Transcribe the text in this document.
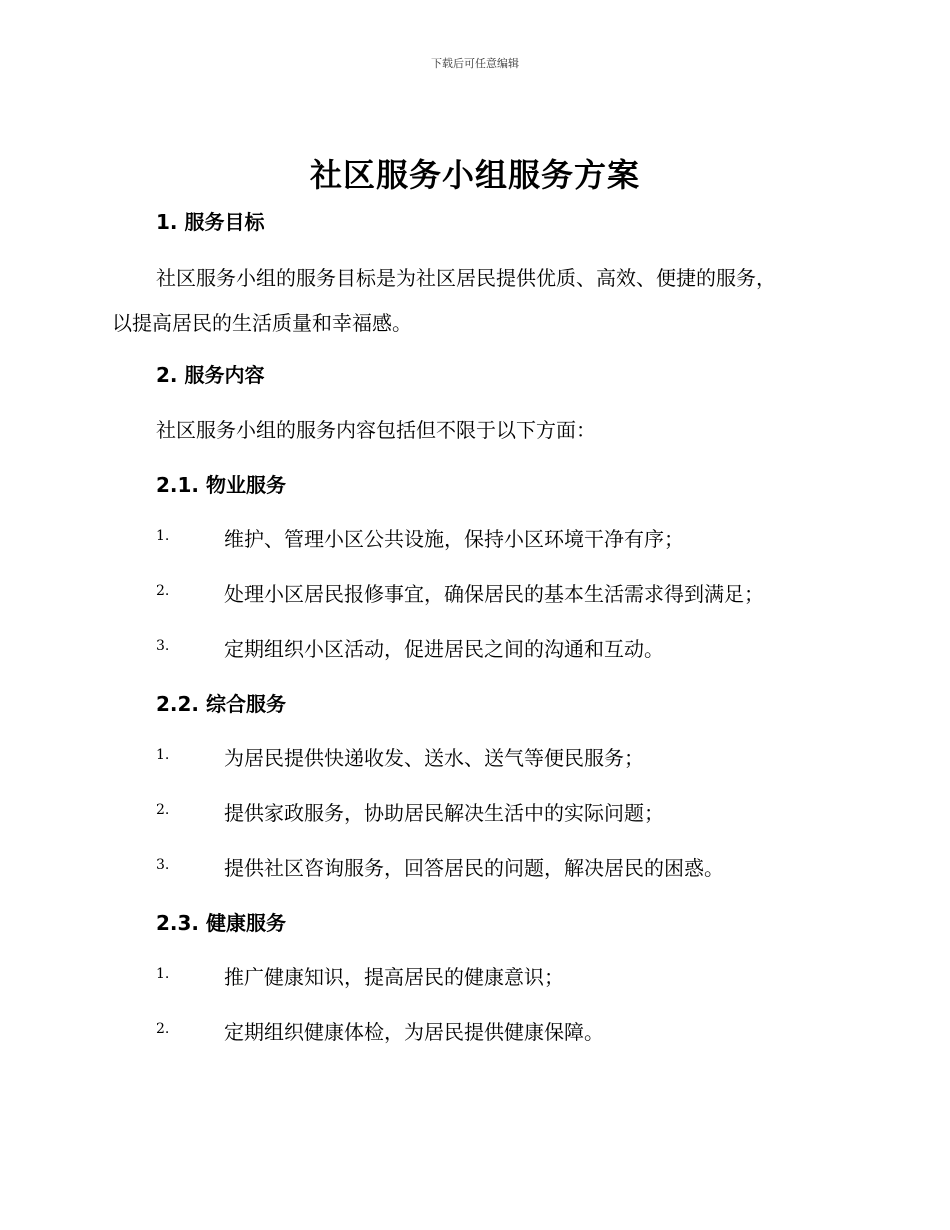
下载后可任意编辑
社区服务小组服务方案
1. 服务目标
社区服务小组的服务目标是为社区居民提供优质、高效、便捷的服务，
以提高居民的生活质量和幸福感。
2. 服务内容
社区服务小组的服务内容包括但不限于以下方面：
2.1. 物业服务
1.	维护、管理小区公共设施，保持小区环境干净有序；
2.	处理小区居民报修事宜，确保居民的基本生活需求得到满足；
3.	定期组织小区活动，促进居民之间的沟通和互动。
2.2. 综合服务
1.	为居民提供快递收发、送水、送气等便民服务；
2.	提供家政服务，协助居民解决生活中的实际问题；
3.	提供社区咨询服务，回答居民的问题，解决居民的困惑。
2.3. 健康服务
1.	推广健康知识，提高居民的健康意识；
2.	定期组织健康体检，为居民提供健康保障。
